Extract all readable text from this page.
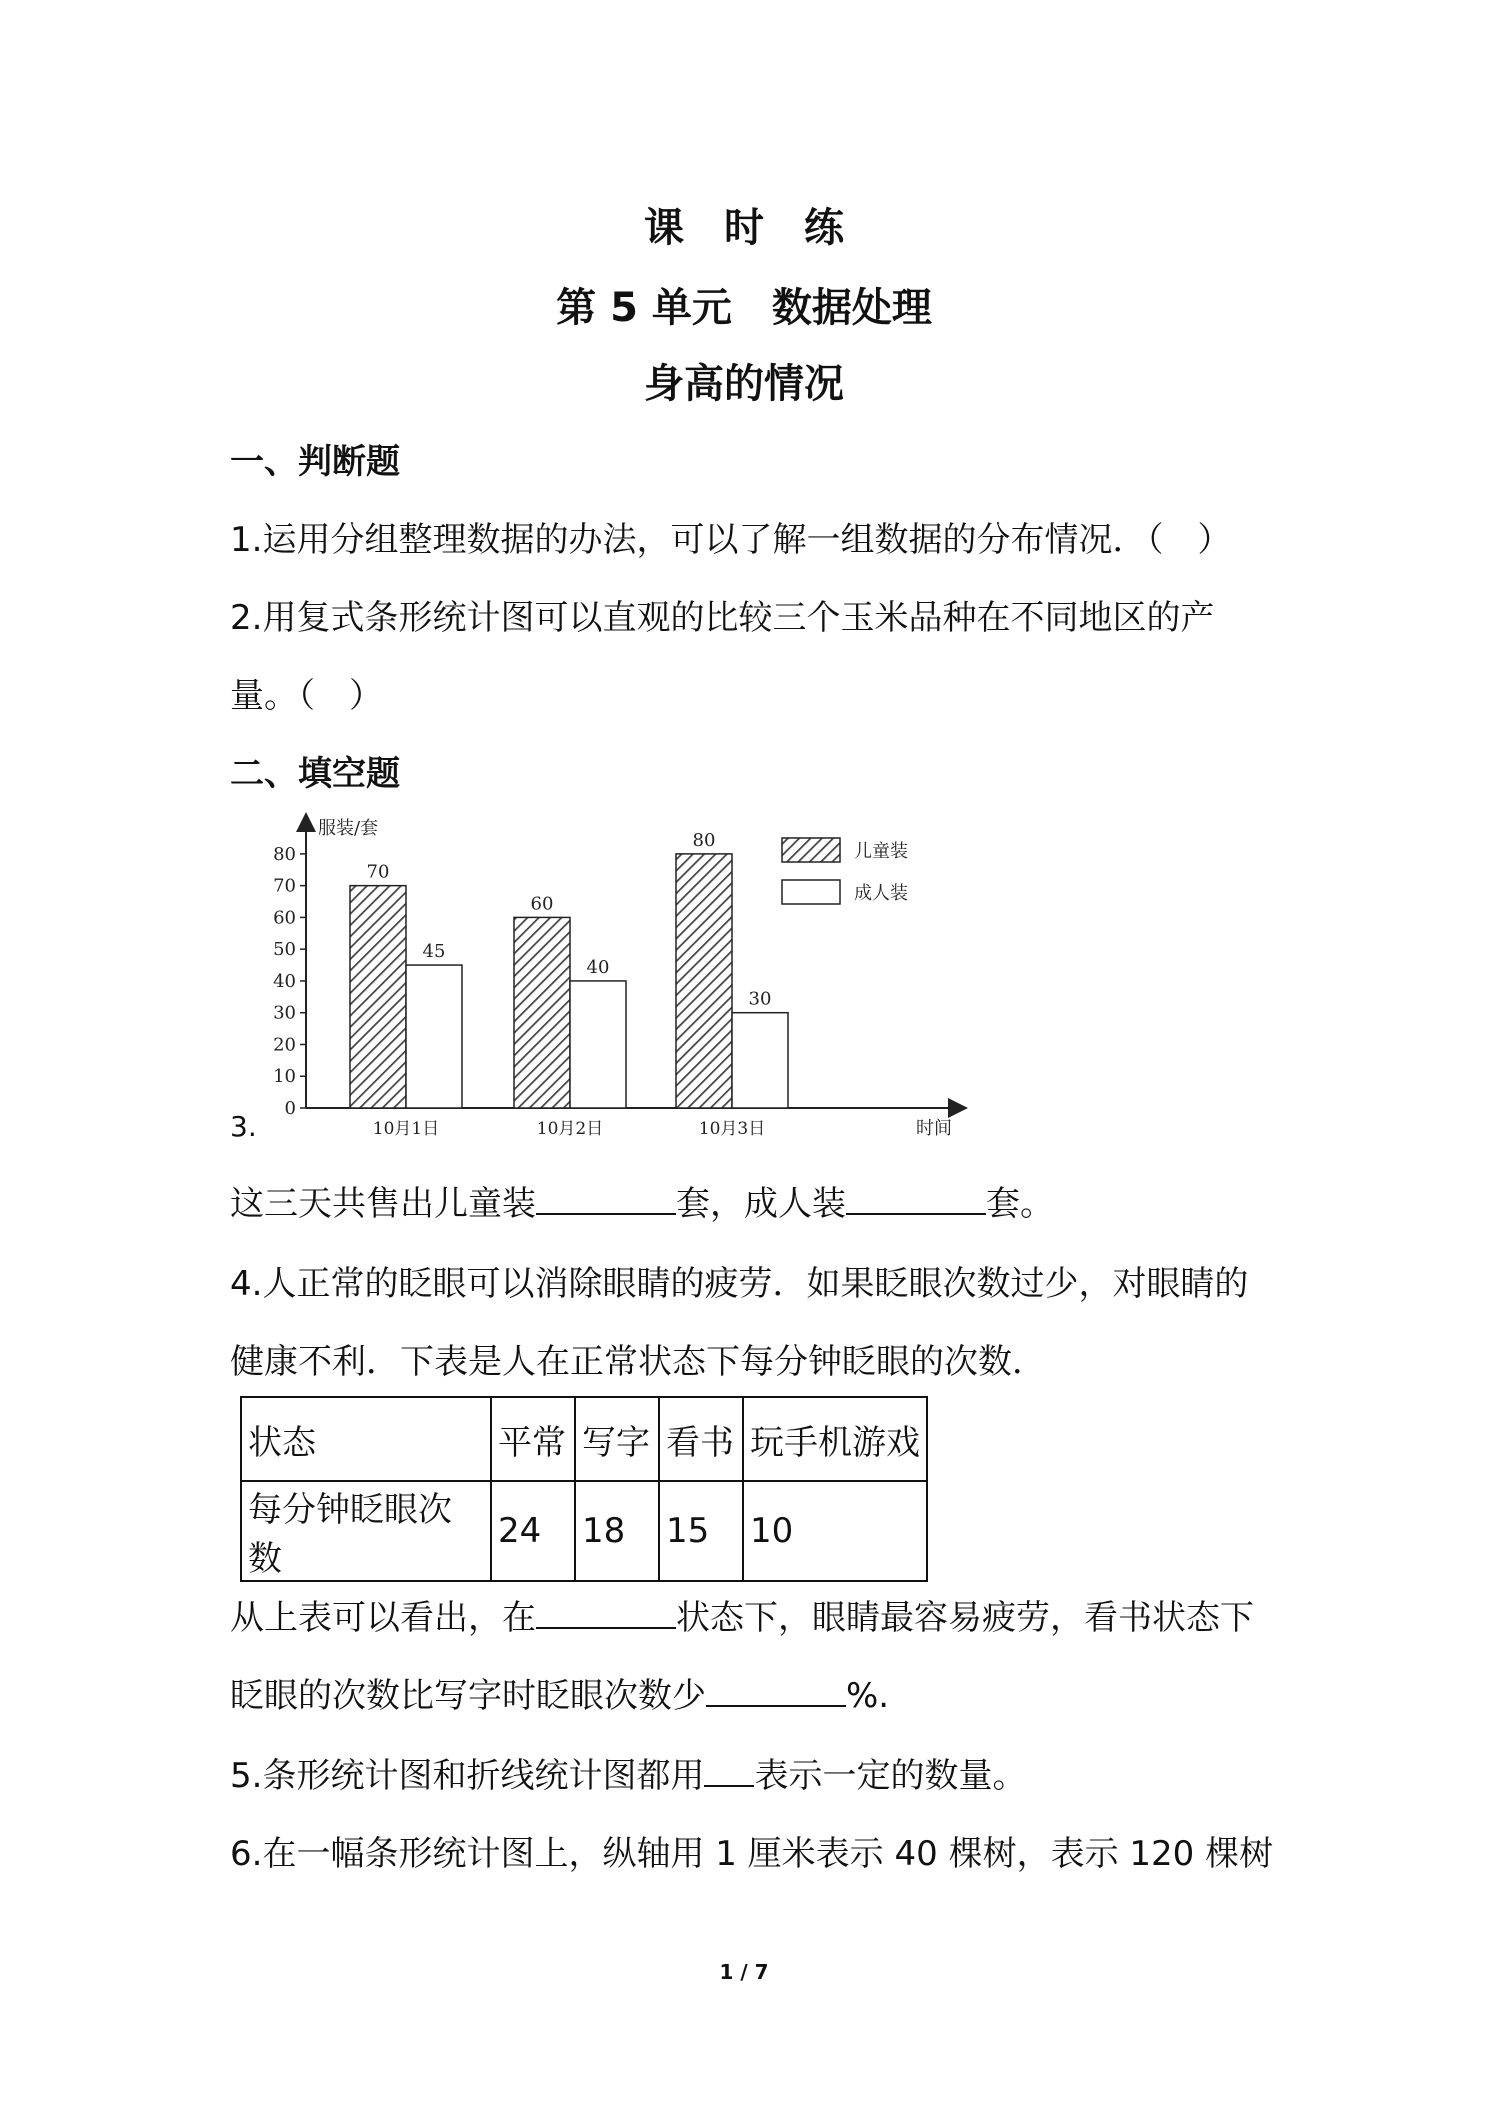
课　时　练
第 5 单元　数据处理
身高的情况
一、判断题
1.运用分组整理数据的办法，可以了解一组数据的分布情况．（　）
2.用复式条形统计图可以直观的比较三个玉米品种在不同地区的产
量。（　）
二、填空题
0
10
20
30
40
50
60
70
80
服装/套
时间
70
45
10月1日
60
40
10月2日
80
30
10月3日
儿童装
成人装
3.
这三天共售出儿童装	套，成人装	套。
4.人正常的眨眼可以消除眼睛的疲劳．如果眨眼次数过少，对眼睛的
健康不利．下表是人在正常状态下每分钟眨眼的次数．
状态	平常	写字	看书	玩手机游戏
每分钟眨眼次数	24	18	15	10
从上表可以看出，在	状态下，眼睛最容易疲劳，看书状态下
眨眼的次数比写字时眨眼次数少	%.
5.条形统计图和折线统计图都用 表示一定的数量。
6.在一幅条形统计图上，纵轴用 1 厘米表示 40 棵树，表示 120 棵树
1 / 7
